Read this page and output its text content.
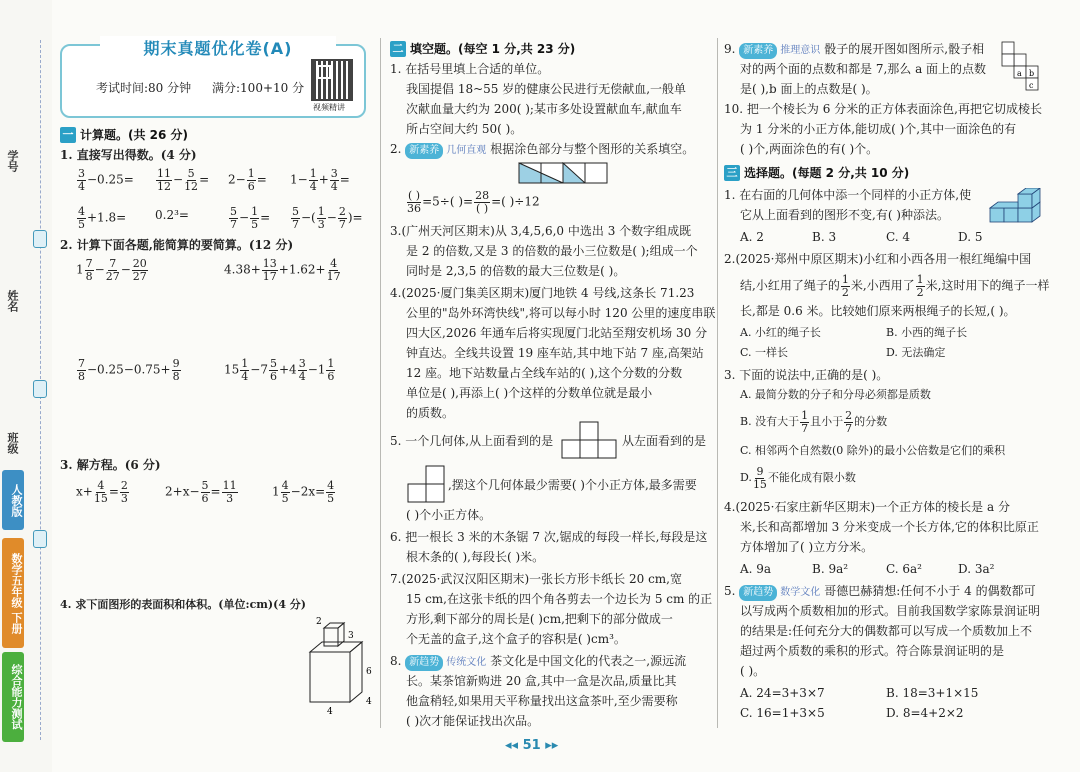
学号
姓名
班级
人教版
数学五年级 下册
综合能力测试
期末真题优化卷(A)
考试时间:80 分钟 满分:100+10 分
视频精讲
一 计算题。(共 26 分)
1. 直接写出得数。(4 分)
$\frac{3}{4} -0.25= \frac{11}{12} - \frac{5}{12} = 2- \frac{1}{6} = 1- \frac{1}{4} + \frac{3}{4}$ =
$\frac{4}{5} +1.8= 0.2^3=$	$\frac{5}{7} - \frac{1}{5} = \frac{5}{7}$ −( $\frac{1}{3} - \frac{2}{7}$ )=
2. 计算下面各题,能简算的要简算。(12 分)
$1 \frac{7}{8} - \frac{7}{27} - \frac{20}{27}$	$4.38+ \frac{13}{17} +1.62+ \frac{4}{17}$
$\frac{7}{8} -0.25-0.75+ \frac{9}{8}$	$15 \frac{1}{4} -7 \frac{5}{6} +4 \frac{3}{4} -1 \frac{1}{6}$
3. 解方程。(6 分)
$x+ \frac{4}{15} = \frac{2}{3}$	$2+x- \frac{5}{6} = \frac{11}{3}$	$1 \frac{4}{5} -2x= \frac{4}{5}$
4. 求下面图形的表面积和体积。(单位:cm)(4 分)
4
6
2
3
4
二 填空题。(每空 1 分,共 23 分)
1. 在括号里填上合适的单位。
我国提倡 18~55 岁的健康公民进行无偿献血,一般单
次献血量大约为 200( );某市多处设置献血车,献血车
所占空间大约 50( )。
2. 新素养 几何直观 根据涂色部分与整个图形的关系填空。
$\frac{( )}{36} =5\div$( )= $\frac{28}{( )}$ =( )÷12
3.(广州天河区期末)从 3,4,5,6,0 中选出 3 个数字组成既
是 2 的倍数,又是 3 的倍数的最小三位数是( );组成一个
同时是 2,3,5 的倍数的最大三位数是( )。
4.(2025·厦门集美区期末)厦门地铁 4 号线,这条长 71.23
公里的"岛外环湾快线",将可以每小时 120 公里的速度串联
四大区,2026 年通车后将实现厦门北站至翔安机场 30 分
钟直达。全线共设置 19 座车站,其中地下站 7 座,高架站
12 座。地下站数量占全线车站的( ),这个分数的分数
单位是( ),再添上( )个这样的分数单位就是最小
的质数。
5. 一个几何体,从上面看到的是	从左面看到的是
,摆这个几何体最少需要( )个小正方体,最多需要
( )个小正方体。
6. 把一根长 3 米的木条锯 7 次,锯成的每段一样长,每段是这
根木条的( ),每段长( )米。
7.(2025·武汉汉阳区期末)一张长方形卡纸长 20 cm,宽
15 cm,在这张卡纸的四个角各剪去一个边长为 5 cm 的正
方形,剩下部分的周长是( )cm,把剩下的部分做成一
个无盖的盒子,这个盒子的容积是( )cm³。
8. 新趋势 传统文化 茶文化是中国文化的代表之一,源远流
长。某茶馆新购进 20 盒,其中一盒是次品,质量比其
他盒稍轻,如果用天平称量找出这盒茶叶,至少需要称
( )次才能保证找出次品。
9. 新素养 推理意识 骰子的展开图如图所示,骰子相
对的两个面的点数和都是 7,那么 a 面上的点数
是( ),b 面上的点数是( )。
a b
c
10. 把一个棱长为 6 分米的正方体表面涂色,再把它切成棱长
为 1 分米的小正方体,能切成( )个,其中一面涂色的有
( )个,两面涂色的有( )个。
三 选择题。(每题 2 分,共 10 分)
1. 在右面的几何体中添一个同样的小正方体,使
它从上面看到的图形不变,有( )种添法。
A. 2	B. 3	C. 4	D. 5
2.(2025·郑州中原区期末)小红和小西各用一根红绳编中国
结,小红用了绳子的 $\frac{1}{2}$ 米,小西用了 $\frac{1}{2}$ 米,这时用下的绳子一样
长,都是 0.6 米。比较她们原来两根绳子的长短,( )。
A. 小红的绳子长	B. 小西的绳子长
C. 一样长	D. 无法确定
3. 下面的说法中,正确的是( )。
A. 最简分数的分子和分母必须都是质数
B. 没有大于 $\frac{1}{7}$ 且小于 $\frac{2}{7}$ 的分数
C. 相邻两个自然数(0 除外)的最小公倍数是它们的乘积
D. $\frac{9}{15}$ 不能化成有限小数
4.(2025·石家庄新华区期末)一个正方体的棱长是 a 分
米,长和高都增加 3 分米变成一个长方体,它的体积比原正
方体增加了( )立方分米。
A. 9a	B. 9a²	C. 6a²	D. 3a²
5. 新趋势 数学文化 哥德巴赫猜想:任何不小于 4 的偶数都可
以写成两个质数相加的形式。目前我国数学家陈景润证明
的结果是:任何充分大的偶数都可以写成一个质数加上不
超过两个质数的乘积的形式。符合陈景润证明的是
( )。
A. 24=3+3×7	B. 18=3+1×15
C. 16=1+3×5	D. 8=4+2×2
◂◂ 51 ▸▸
